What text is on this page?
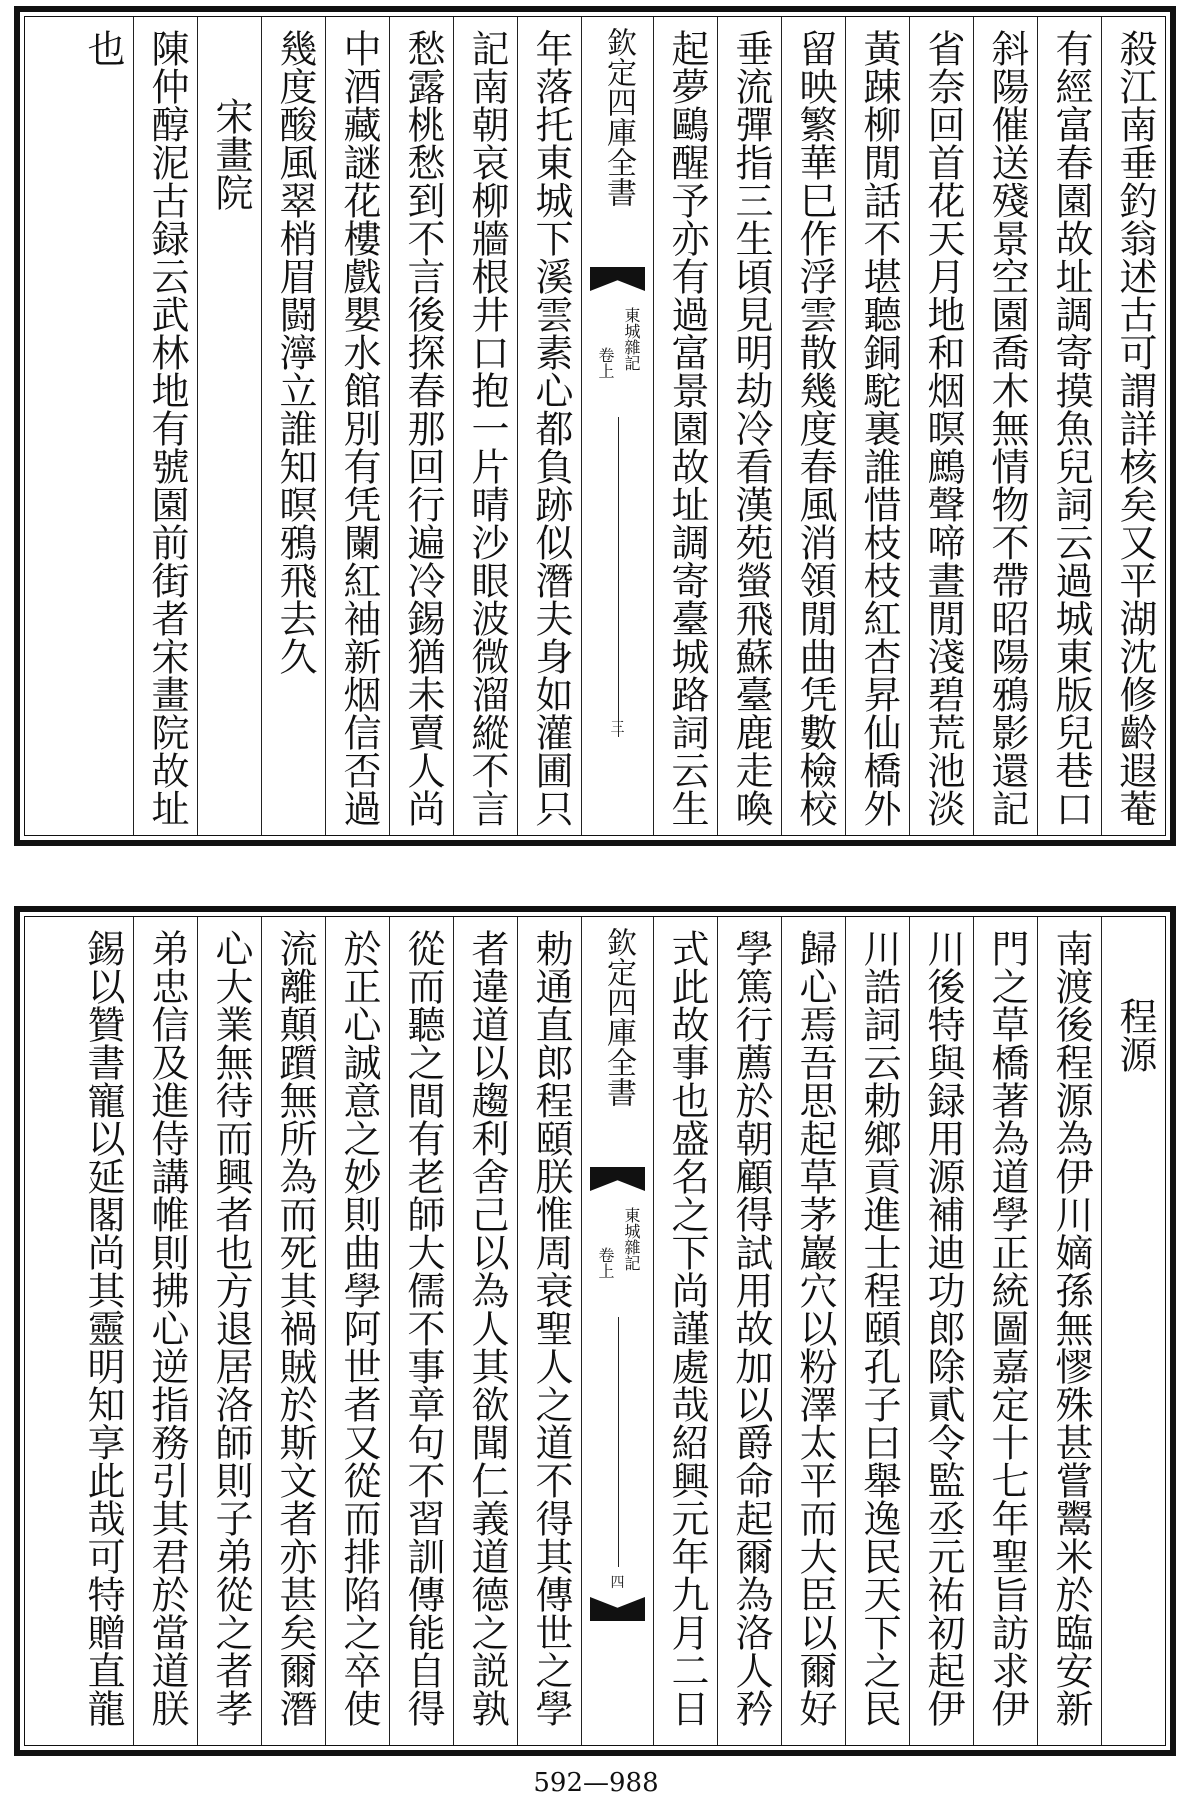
殺江南垂釣翁述古可謂詳核矣又平湖沈修齡遐菴
有經富春園故址調寄摸魚兒詞云過城東版兒巷口
斜陽催送殘景空園喬木無情物不帶昭陽鴉影還記
省奈回首花天月地和烟暝鷓聲啼晝閒淺碧荒池淡
黃踈柳閒話不堪聽銅駝裏誰惜枝枝紅杏昇仙橋外
留映繁華巳作浮雲散幾度春風消領閒曲凭數檢校
垂流彈指三生頃見明劫冷看漢苑螢飛蘇臺鹿走喚
起夢鷗醒予亦有過富景園故址調寄臺城路詞云生
欽定四庫全書
東城雜記
卷上
三
年落托東城下溪雲素心都負跡似潛夫身如灌圃只
記南朝哀柳牆根井口抱一片晴沙眼波微溜縱不言
愁露桃愁到不言後探春那回行遍冷錫猶未賣人尚
中酒藏謎花樓戲嬰水館別有凭闌紅袖新烟信否過
幾度酸風翠梢眉闘濘立誰知暝鴉飛去久
宋畫院
陳仲醇泥古録云武林地有號園前街者宋畫院故址
也
程源
南渡後程源為伊川嫡孫無憀殊甚嘗鬻米於臨安新
門之草橋著為道學正統圖嘉定十七年聖旨訪求伊
川後特與録用源補迪功郎除貳令監丞元祐初起伊
川誥詞云勅鄉貢進士程頤孔子曰舉逸民天下之民
歸心焉吾思起草茅巖穴以粉澤太平而大臣以爾好
學篤行薦於朝顧得試用故加以爵命起爾為洛人矜
式此故事也盛名之下尚謹處哉紹興元年九月二日
欽定四庫全書
東城雜記
卷上
四
勅通直郎程頤朕惟周衰聖人之道不得其傳世之學
者違道以趨利舍己以為人其欲聞仁義道德之説孰
從而聽之間有老師大儒不事章句不習訓傳能自得
於正心誠意之妙則曲學阿世者又從而排陷之卒使
流離顛躓無所為而死其禍賊於斯文者亦甚矣爾潛
心大業無待而興者也方退居洛師則子弟從之者孝
弟忠信及進侍講帷則拂心逆指務引其君於當道朕
錫以贊書寵以延閣尚其靈明知享此哉可特贈直龍
592—988
